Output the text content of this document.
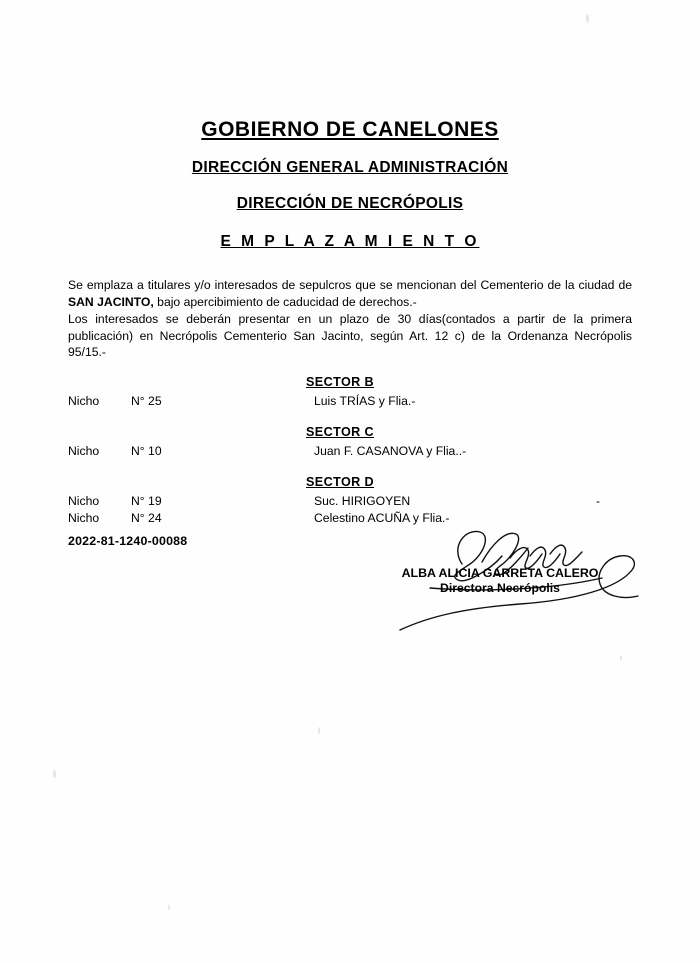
GOBIERNO DE CANELONES
DIRECCIÓN GENERAL ADMINISTRACIÓN
DIRECCIÓN DE NECRÓPOLIS
E M P L A Z A M I E N T O

Se emplaza a titulares y/o interesados de sepulcros que se mencionan del Cementerio de la ciudad de SAN JACINTO, bajo apercibimiento de caducidad de derechos.-

Los interesados se deberán presentar en un plazo de 30 días(contados a partir de la primera publicación) en Necrópolis Cementerio San Jacinto, según Art. 12 c) de la Ordenanza Necrópolis 95/15.-

SECTOR B
Nicho	N° 25	Luis TRÍAS y Flia.-
SECTOR C
Nicho	N° 10	Juan F. CASANOVA y Flia..-
SECTOR D
Nicho	N° 19	Suc. HIRIGOYEN	-
Nicho	N° 24	Celestino ACUÑA y Flia.-
2022-81-1240-00088
ALBA ALICIA GARRETA CALERO
Directora Necrópolis
